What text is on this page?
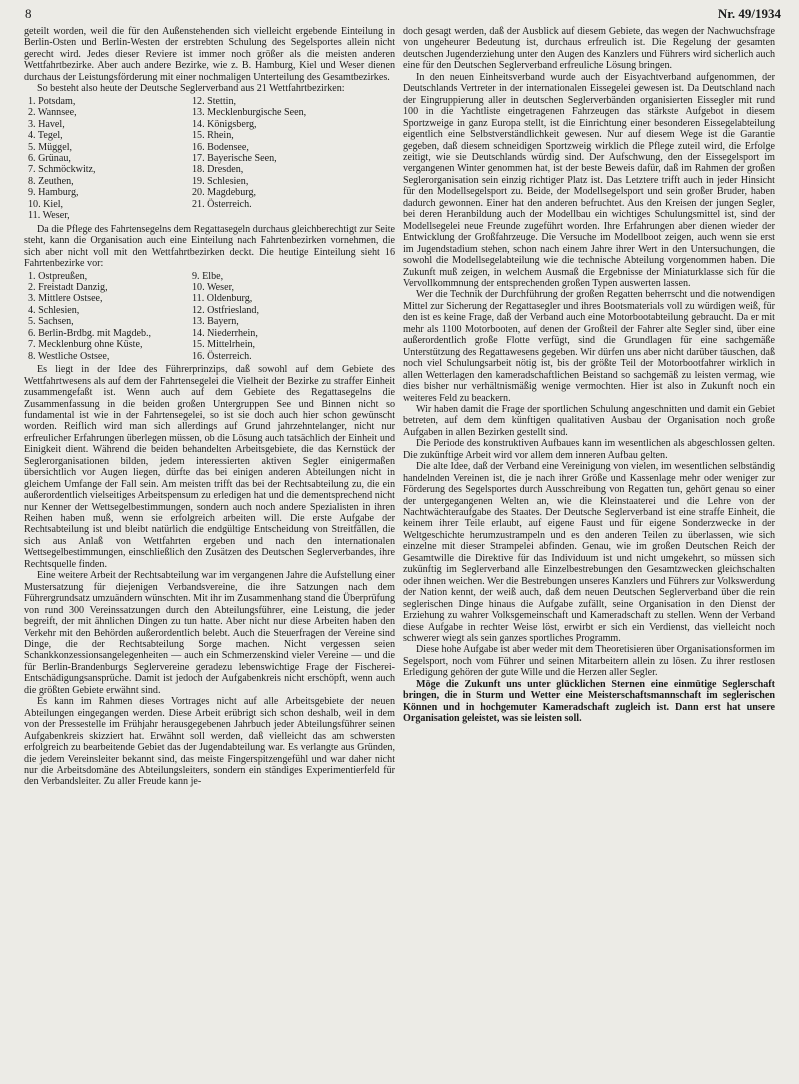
8	Nr. 49/1934

geteilt worden, weil die für den Außenstehenden sich vielleicht ergebende Einteilung in Berlin-Osten und Berlin-Westen der erstrebten Schulung des Segelsportes allein nicht gerecht wird. Jedes dieser Reviere ist immer noch größer als die meisten anderen Wettfahrtbezirke. Aber auch andere Bezirke, wie z. B. Hamburg, Kiel und Weser dienen durchaus der Leistungsförderung mit einer nochmaligen Unterteilung des Gesamtbezirkes.

So besteht also heute der Deutsche Seglerverband aus 21 Wettfahrtbezirken:

1. Potsdam,	12. Stettin,
2. Wannsee,	13. Mecklenburgische Seen,
3. Havel,	14. Königsberg,
4. Tegel,	15. Rhein,
5. Müggel,	16. Bodensee,
6. Grünau,	17. Bayerische Seen,
7. Schmöckwitz,	18. Dresden,
8. Zeuthen,	19. Schlesien,
9. Hamburg,	20. Magdeburg,
10. Kiel,	21. Österreich.
11. Weser,

Da die Pflege des Fahrtensegelns dem Regattasegeln durchaus gleichberechtigt zur Seite steht, kann die Organisation auch eine Einteilung nach Fahrtenbezirken vornehmen, die sich aber nicht voll mit den Wettfahrtbezirken deckt. Die heutige Einteilung sieht 16 Fahrtenbezirke vor:

1. Ostpreußen,	9. Elbe,
2. Freistadt Danzig,	10. Weser,
3. Mittlere Ostsee,	11. Oldenburg,
4. Schlesien,	12. Ostfriesland,
5. Sachsen,	13. Bayern,
6. Berlin-Brdbg. mit Magdeb.,	14. Niederrhein,
7. Mecklenburg ohne Küste,	15. Mittelrhein,
8. Westliche Ostsee,	16. Österreich.

Es liegt in der Idee des Führerprinzips, daß sowohl auf dem Gebiete des Wettfahrtwesens als auf dem der Fahrtensegelei die Vielheit der Bezirke zu straffer Einheit zusammengefaßt ist. Wenn auch auf dem Gebiete des Regattasegelns die Zusammenfassung in die beiden großen Untergruppen See und Binnen nicht so fundamental ist wie in der Fahrtensegelei, so ist sie doch auch hier schon gewünscht worden. Reiflich wird man sich allerdings auf Grund jahrzehntelanger, nicht nur erfreulicher Erfahrungen überlegen müssen, ob die Lösung auch tatsächlich der Einheit und Einigkeit dient. Während die beiden behandelten Arbeitsgebiete, die das Kernstück der Seglerorganisationen bilden, jedem interessierten aktiven Segler einigermaßen übersichtlich vor Augen liegen, dürfte das bei einigen anderen Abteilungen nicht in gleichem Umfange der Fall sein. Am meisten trifft das bei der Rechtsabteilung zu, die ein außerordentlich vielseitiges Arbeitspensum zu erledigen hat und die dementsprechend nicht nur Kenner der Wettsegelbestimmungen, sondern auch noch andere Spezialisten in ihren Reihen haben muß, wenn sie erfolgreich arbeiten will. Die erste Aufgabe der Rechtsabteilung ist und bleibt natürlich die endgültige Entscheidung von Streitfällen, die sich aus Anlaß von Wettfahrten ergeben und nach den internationalen Wettsegelbestimmungen, einschließlich den Zusätzen des Deutschen Seglerverbandes, ihre Rechtsquelle finden.

Eine weitere Arbeit der Rechtsabteilung war im vergangenen Jahre die Aufstellung einer Mustersatzung für diejenigen Verbandsvereine, die ihre Satzungen nach dem Führergrundsatz umzuändern wünschten. Mit ihr im Zusammenhang stand die Überprüfung von rund 300 Vereinssatzungen durch den Abteilungsführer, eine Leistung, die jeder begreift, der mit ähnlichen Dingen zu tun hatte. Aber nicht nur diese Arbeiten haben den Verkehr mit den Behörden außerordentlich belebt. Auch die Steuerfragen der Vereine sind Dinge, die der Rechtsabteilung Sorge machen. Nicht vergessen seien Schankkonzessionsangelegenheiten — auch ein Schmerzenskind vieler Vereine — und die für Berlin-Brandenburgs Seglervereine geradezu lebenswichtige Frage der Fischerei-Entschädigungsansprüche. Damit ist jedoch der Aufgabenkreis nicht erschöpft, wenn auch die größten Gebiete erwähnt sind.

Es kann im Rahmen dieses Vortrages nicht auf alle Arbeitsgebiete der neuen Abteilungen eingegangen werden. Diese Arbeit erübrigt sich schon deshalb, weil in dem von der Pressestelle im Frühjahr herausgegebenen Jahrbuch jeder Abteilungsführer seinen Aufgabenkreis skizziert hat. Erwähnt soll werden, daß vielleicht das am schwersten erfolgreich zu bearbeitende Gebiet das der Jugendabteilung war. Es verlangte aus Gründen, die jedem Vereinsleiter bekannt sind, das meiste Fingerspitzengefühl und war daher nicht nur die Arbeitsdomäne des Abteilungsleiters, sondern ein ständiges Experimentierfeld für den Verbandsleiter. Zu aller Freude kann je-

doch gesagt werden, daß der Ausblick auf diesem Gebiete, das wegen der Nachwuchsfrage von ungeheurer Bedeutung ist, durchaus erfreulich ist. Die Regelung der gesamten deutschen Jugenderziehung unter den Augen des Kanzlers und Führers wird sicherlich auch eine für den Deutschen Seglerverband erfreuliche Lösung bringen.

In den neuen Einheitsverband wurde auch der Eisyachtverband aufgenommen, der Deutschlands Vertreter in der internationalen Eissegelei gewesen ist. Da Deutschland nach der Eingruppierung aller in deutschen Seglerverbänden organisierten Eissegler mit rund 100 in die Yachtliste eingetragenen Fahrzeugen das stärkste Aufgebot in diesem Sportzweige in ganz Europa stellt, ist die Einrichtung einer besonderen Eissegelabteilung eigentlich eine Selbstverständlichkeit gewesen. Nur auf diesem Wege ist die Garantie gegeben, daß diesem schneidigen Sportzweig wirklich die Pflege zuteil wird, die Erfolge zeitigt, wie sie Deutschlands würdig sind. Der Aufschwung, den der Eissegelsport im vergangenen Winter genommen hat, ist der beste Beweis dafür, daß im Rahmen der großen Seglerorganisation sein einzig richtiger Platz ist. Das Letztere trifft auch in jeder Hinsicht für den Modellsegelsport zu. Beide, der Modellsegelsport und sein großer Bruder, haben dadurch gewonnen. Einer hat den anderen befruchtet. Aus den Kreisen der jungen Segler, bei deren Heranbildung auch der Modellbau ein wichtiges Schulungsmittel ist, sind der Modellsegelei neue Freunde zugeführt worden. Ihre Erfahrungen aber dienen wieder der Entwicklung der Großfahrzeuge. Die Versuche im Modellboot zeigen, auch wenn sie erst im Jugendstadium stehen, schon nach einem Jahre ihrer Wert in den Untersuchungen, die sowohl die Modellsegelabteilung wie die technische Abteilung vorgenommen haben. Die Zukunft muß zeigen, in welchem Ausmaß die Ergebnisse der Miniaturklasse sich für die Vervollkommnung der entsprechenden großen Typen auswerten lassen.

Wer die Technik der Durchführung der großen Regatten beherrscht und die notwendigen Mittel zur Sicherung der Regattasegler und ihres Bootsmaterials voll zu würdigen weiß, für den ist es keine Frage, daß der Verband auch eine Motorbootabteilung gebraucht. Da er mit mehr als 1100 Motorbooten, auf denen der Großteil der Fahrer alte Segler sind, über eine außerordentlich große Flotte verfügt, sind die Grundlagen für eine sachgemäße Unterstützung des Regattawesens gegeben. Wir dürfen uns aber nicht darüber täuschen, daß noch viel Schulungsarbeit nötig ist, bis der größte Teil der Motorbootfahrer wirklich in allen Wetterlagen den kameradschaftlichen Beistand so sachgemäß zu leisten vermag, wie dies bisher nur verhältnismäßig wenige vermochten. Hier ist also in Zukunft noch ein weiteres Feld zu beackern.

Wir haben damit die Frage der sportlichen Schulung angeschnitten und damit ein Gebiet betreten, auf dem dem künftigen qualitativen Ausbau der Organisation noch große Aufgaben in allen Bezirken gestellt sind.

Die Periode des konstruktiven Aufbaues kann im wesentlichen als abgeschlossen gelten. Die zukünftige Arbeit wird vor allem dem inneren Aufbau gelten.

Die alte Idee, daß der Verband eine Vereinigung von vielen, im wesentlichen selbständig handelnden Vereinen ist, die je nach ihrer Größe und Kassenlage mehr oder weniger zur Förderung des Segelsportes durch Ausschreibung von Regatten tun, gehört genau so einer der untergegangenen Welten an, wie die Kleinstaaterei und die Lehre von der Nachtwächteraufgabe des Staates. Der Deutsche Seglerverband ist eine straffe Einheit, die keinem ihrer Teile erlaubt, auf eigene Faust und für eigene Sonderzwecke in der Weltgeschichte herumzustrampeln und es den anderen Teilen zu überlassen, wie sich einzelne mit dieser Strampelei abfinden. Genau, wie im großen Deutschen Reich der Gesamtwille die Direktive für das Individuum ist und nicht umgekehrt, so müssen sich zukünftig im Seglerverband alle Einzelbestrebungen den Gesamtzwecken gleichschalten oder ihnen weichen. Wer die Bestrebungen unseres Kanzlers und Führers zur Volkswerdung der Nation kennt, der weiß auch, daß dem neuen Deutschen Seglerverband über die rein seglerischen Dinge hinaus die Aufgabe zufällt, seine Organisation in den Dienst der Erziehung zu wahrer Volksgemeinschaft und Kameradschaft zu stellen. Wenn der Verband diese Aufgabe in rechter Weise löst, erwirbt er sich ein Verdienst, das vielleicht noch schwerer wiegt als sein ganzes sportliches Programm.

Diese hohe Aufgabe ist aber weder mit dem Theoretisieren über Organisationsformen im Segelsport, noch vom Führer und seinen Mitarbeitern allein zu lösen. Zu ihrer restlosen Erledigung gehören der gute Wille und die Herzen aller Segler.

Möge die Zukunft uns unter glücklichen Sternen eine einmütige Seglerschaft bringen, die in Sturm und Wetter eine Meisterschaftsmannschaft im seglerischen Können und in hochgemuter Kameradschaft zugleich ist. Dann erst hat unsere Organisation geleistet, was sie leisten soll.
